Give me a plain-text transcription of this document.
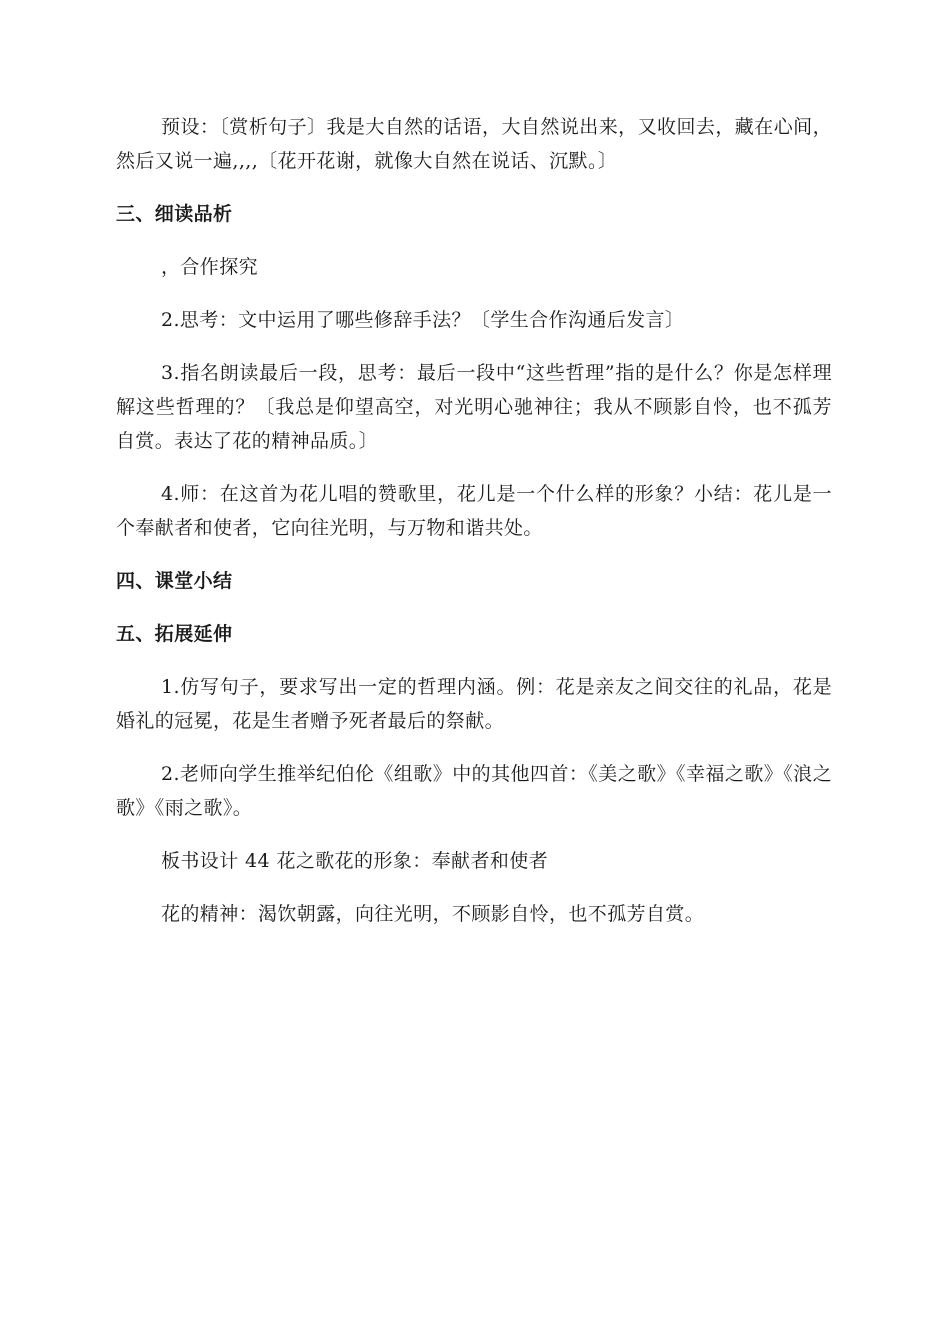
预设：〔赏析句子〕我是大自然的话语，大自然说出来，又收回去，藏在心间，然后又说一遍,,,,〔花开花谢，就像大自然在说话、沉默。〕

三、细读品析

，合作探究

2.思考：文中运用了哪些修辞手法？〔学生合作沟通后发言〕

3.指名朗读最后一段，思考：最后一段中“这些哲理”指的是什么？你是怎样理解这些哲理的？〔我总是仰望高空，对光明心驰神往；我从不顾影自怜，也不孤芳自赏。表达了花的精神品质。〕

4.师：在这首为花儿唱的赞歌里，花儿是一个什么样的形象？小结：花儿是一个奉献者和使者，它向往光明，与万物和谐共处。

四、课堂小结
五、拓展延伸

1.仿写句子，要求写出一定的哲理内涵。例：花是亲友之间交往的礼品，花是婚礼的冠冕，花是生者赠予死者最后的祭献。

2.老师向学生推举纪伯伦《组歌》中的其他四首：《美之歌》《幸福之歌》《浪之歌》《雨之歌》。

板书设计 44 花之歌花的形象：奉献者和使者

花的精神：渴饮朝露，向往光明，不顾影自怜，也不孤芳自赏。
